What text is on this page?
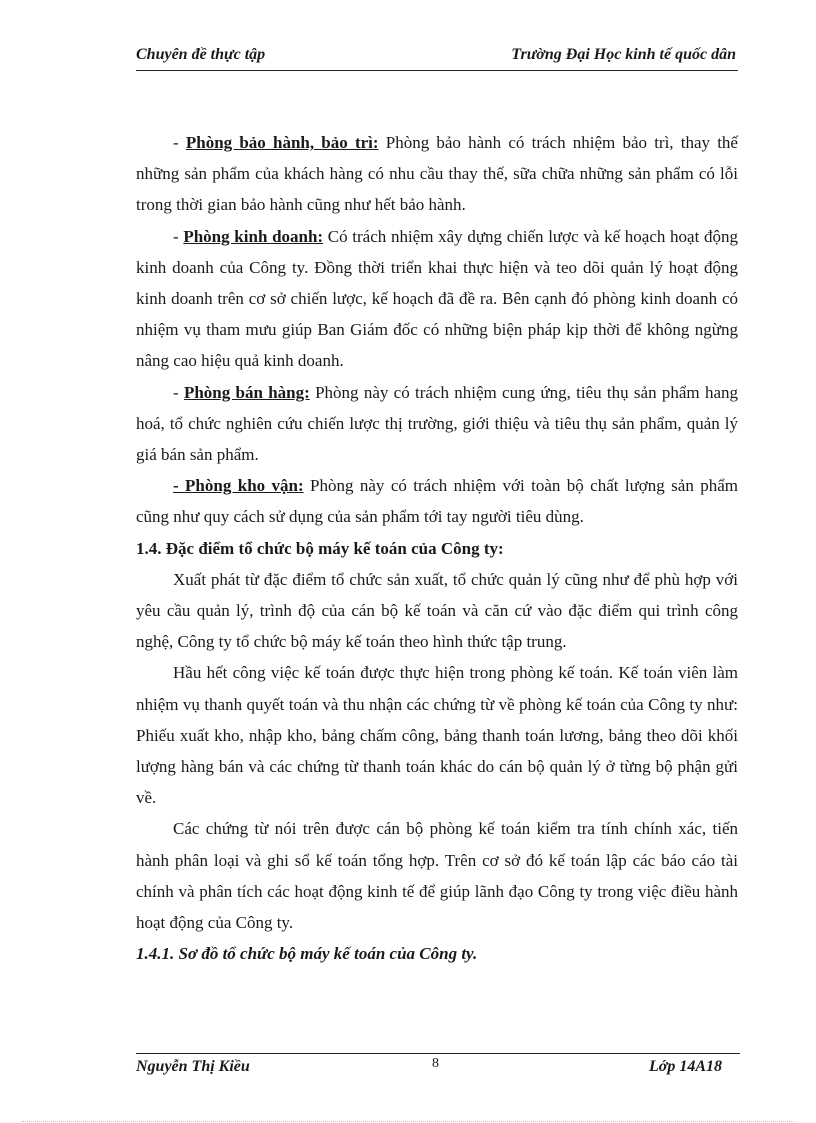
Chuyên đề thực tập	Trường Đại Học kinh tế quốc dân

- Phòng bảo hành, bảo trì: Phòng bảo hành có trách nhiệm bảo trì, thay thế những sản phẩm của khách hàng có nhu cầu thay thế, sữa chữa những sản phẩm có lỗi trong thời gian bảo hành cũng như hết bảo hành.

- Phòng kinh doanh: Có trách nhiệm xây dựng chiến lược và kế hoạch hoạt động kinh doanh của Công ty. Đồng thời triển khai thực hiện và teo dõi quản lý hoạt động kinh doanh trên cơ sở chiến lược, kế hoạch đã đề ra. Bên cạnh đó phòng kinh doanh có nhiệm vụ tham mưu giúp Ban Giám đốc có những biện pháp kịp thời để không ngừng nâng cao hiệu quả kinh doanh.

- Phòng bán hàng: Phòng này có trách nhiệm cung ứng, tiêu thụ sản phẩm hang hoá, tổ chức nghiên cứu chiến lược thị trường, giới thiệu và tiêu thụ sản phẩm, quản lý giá bán sản phẩm.

- Phòng kho vận: Phòng này có trách nhiệm với toàn bộ chất lượng sản phẩm cũng như quy cách sử dụng của sản phẩm tới tay người tiêu dùng.

1.4. Đặc điểm tổ chức bộ máy kế toán của Công ty:

Xuất phát từ đặc điểm tổ chức sản xuất, tổ chức quản lý cũng như để phù hợp với yêu cầu quản lý, trình độ của cán bộ kế toán và căn cứ vào đặc điểm qui trình công nghệ, Công ty tổ chức bộ máy kế toán theo hình thức tập trung.

Hầu hết công việc kế toán được thực hiện trong phòng kế toán. Kế toán viên làm nhiệm vụ thanh quyết toán và thu nhận các chứng từ về phòng kế toán của Công ty như: Phiếu xuất kho, nhập kho, bảng chấm công, bảng thanh toán lương, bảng theo dõi khối lượng hàng bán và các chứng từ thanh toán khác do cán bộ quản lý ở từng bộ phận gửi về.

Các chứng từ nói trên được cán bộ phòng kế toán kiểm tra tính chính xác, tiến hành phân loại và ghi sổ kế toán tổng hợp. Trên cơ sở đó kế toán lập các báo cáo tài chính và phân tích các hoạt động kinh tế để giúp lãnh đạo Công ty trong việc điều hành hoạt động của Công ty.

1.4.1. Sơ đồ tổ chức bộ máy kế toán của Công ty.

Nguyễn Thị Kiều	8	Lớp 14A18
